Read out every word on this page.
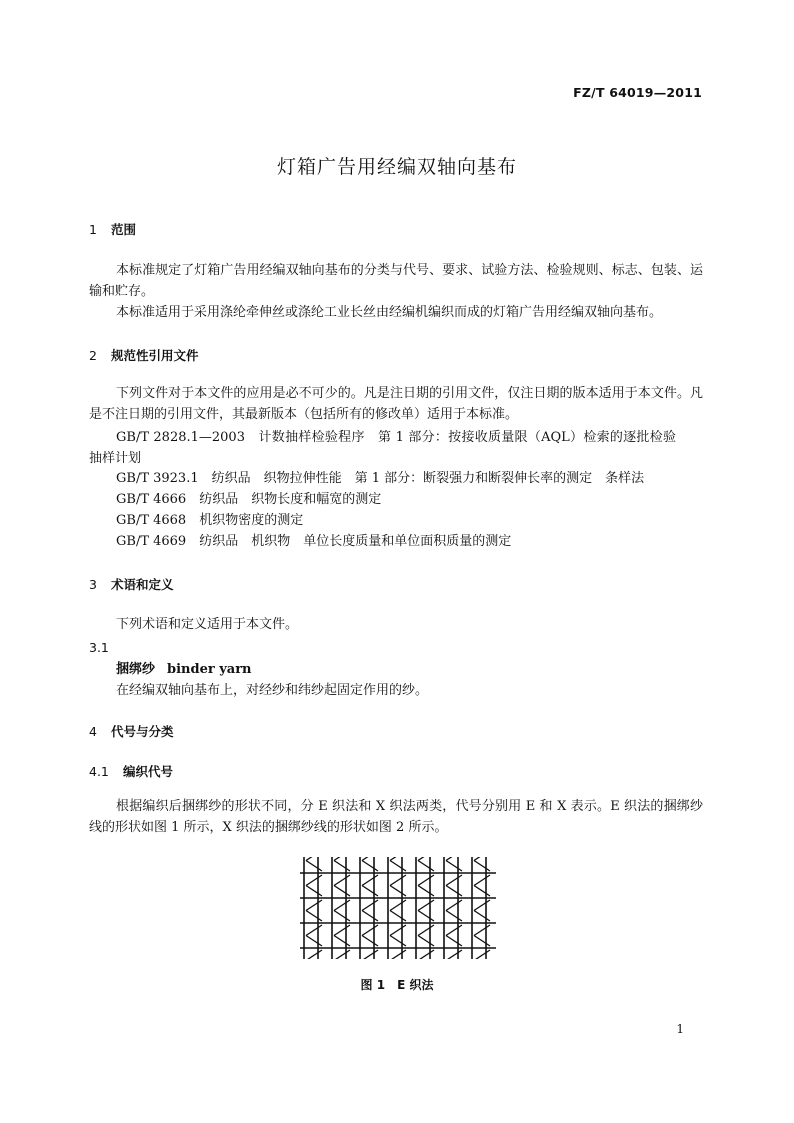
FZ/T 64019—2011
灯箱广告用经编双轴向基布
1 范围
本标准规定了灯箱广告用经编双轴向基布的分类与代号、要求、试验方法、检验规则、标志、包装、运输和贮存。
本标准适用于采用涤纶牵伸丝或涤纶工业长丝由经编机编织而成的灯箱广告用经编双轴向基布。
2 规范性引用文件
下列文件对于本文件的应用是必不可少的。凡是注日期的引用文件，仅注日期的版本适用于本文件。凡是不注日期的引用文件，其最新版本（包括所有的修改单）适用于本标准。
GB/T 2828.1—2003　计数抽样检验程序　第 1 部分：按接收质量限（AQL）检索的逐批检验抽样计划
GB/T 3923.1　纺织品　织物拉伸性能　第 1 部分：断裂强力和断裂伸长率的测定　条样法
GB/T 4666　纺织品　织物长度和幅宽的测定
GB/T 4668　机织物密度的测定
GB/T 4669　纺织品　机织物　单位长度质量和单位面积质量的测定
3 术语和定义
下列术语和定义适用于本文件。
3.1
捆绑纱 binder yarn
在经编双轴向基布上，对经纱和纬纱起固定作用的纱。
4 代号与分类
4.1 编织代号
根据编织后捆绑纱的形状不同，分 E 织法和 X 织法两类，代号分别用 E 和 X 表示。E 织法的捆绑纱线的形状如图 1 所示，X 织法的捆绑纱线的形状如图 2 所示。
图 1　E 织法
1
